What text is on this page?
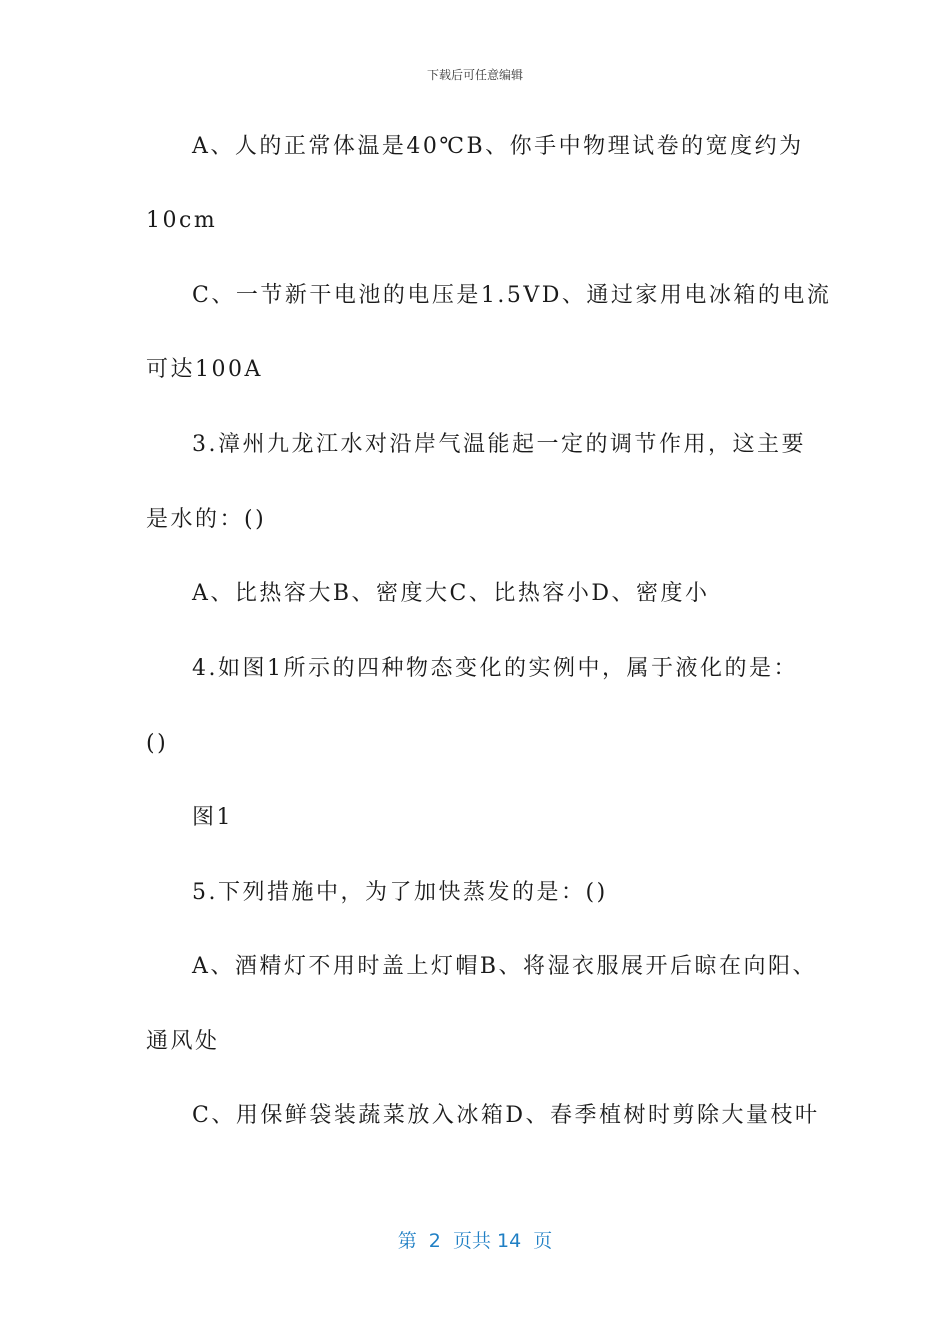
下载后可任意编辑
A、人的正常体温是40℃B、你手中物理试卷的宽度约为
10cm
C、一节新干电池的电压是1.5VD、通过家用电冰箱的电流
可达100A
3.漳州九龙江水对沿岸气温能起一定的调节作用，这主要
是水的：()
A、比热容大B、密度大C、比热容小D、密度小
4.如图1所示的四种物态变化的实例中，属于液化的是：
()
图1
5.下列措施中，为了加快蒸发的是：()
A、酒精灯不用时盖上灯帽B、将湿衣服展开后晾在向阳、
通风处
C、用保鲜袋装蔬菜放入冰箱D、春季植树时剪除大量枝叶
第  2  页共 14  页
